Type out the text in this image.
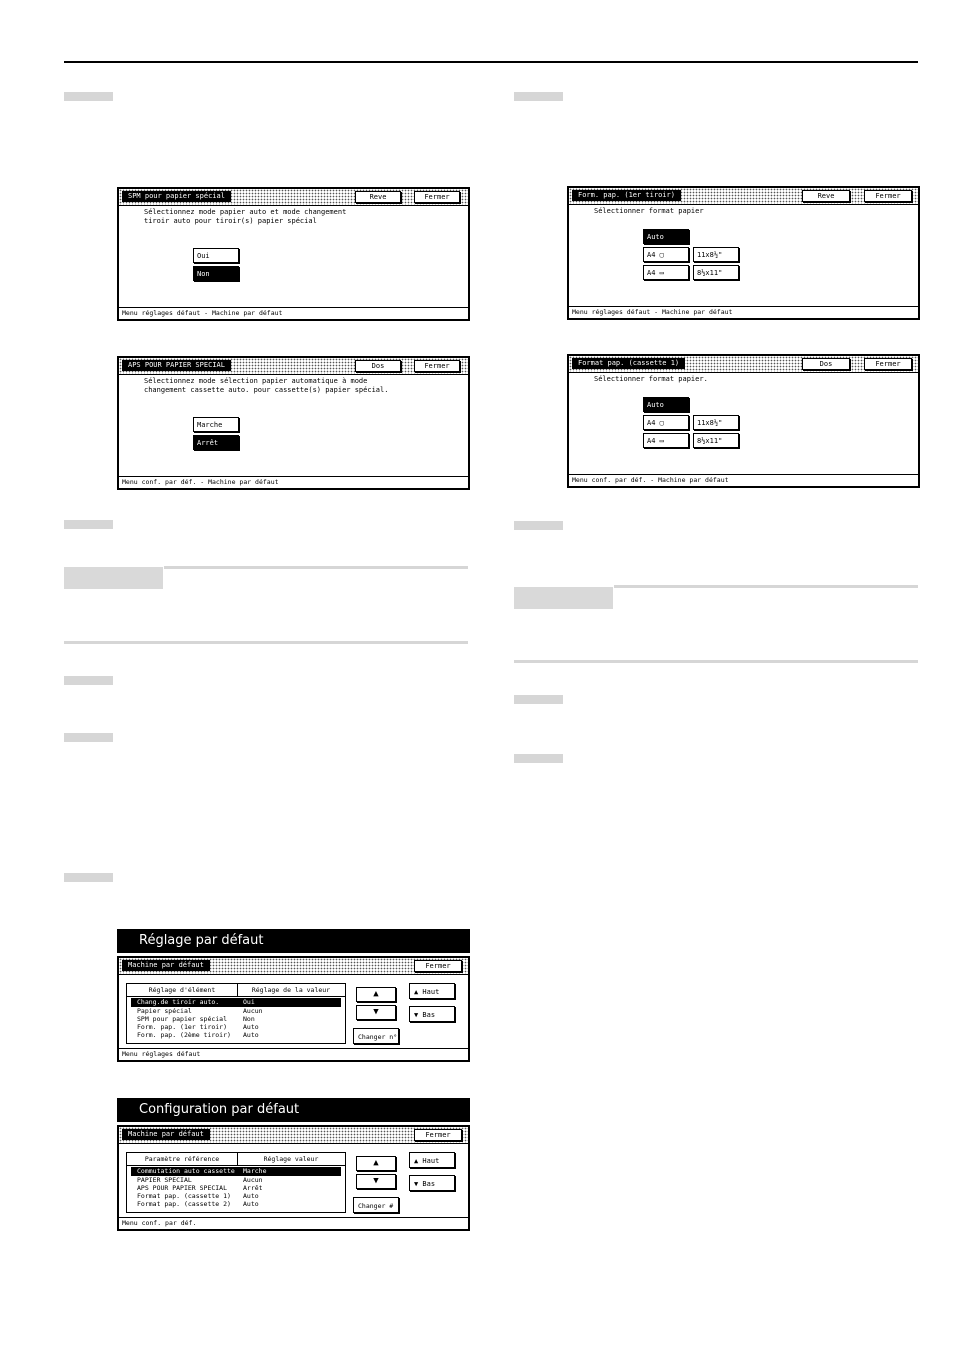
SPM pour papier spécial	Reve	Fermer
Sélectionnez mode papier auto et mode changement
tiroir auto pour tiroir(s) papier spécial
Oui
Non
Menu réglages défaut - Machine par défaut
APS POUR PAPIER SPECIAL	Dos	Fermer
Sélectionnez mode sélection papier automatique à mode
changement cassette auto. pour cassette(s) papier spécial.
Marche
Arrêt
Menu conf. par déf. - Machine par défaut
Form. pap. (1er tiroir)	Reve	Fermer
Sélectionner format papier
Auto
A4 ▢
A4 ▭
11x8½"
8½x11"
Menu réglages défaut - Machine par défaut
Format pap. (cassette 1)	Dos	Fermer
Sélectionner format papier.
Auto
A4 ▢
A4 ▭
11x8½"
8½x11"
Menu conf. par déf. - Machine par défaut
Réglage par défaut
Machine par défaut	Fermer
Réglage d'élément	Réglage de la valeur
Chang.de tiroir auto.	Oui
Papier spécial	Aucun
SPM pour papier spécial Non
Form. pap. (1er tiroir) Auto
Form. pap. (2ème tiroir) Auto
▲
▼
▲ Haut
▼ Bas
Changer n°
Menu réglages défaut
Configuration par défaut
Machine par défaut	Fermer
Paramètre référence	Réglage valeur
Commutation auto cassette Marche
PAPIER SPECIAL	Aucun
APS POUR PAPIER SPECIAL Arrêt
Format pap. (cassette 1) Auto
Format pap. (cassette 2) Auto
▲
▼
▲ Haut
▼ Bas
Changer #
Menu conf. par déf.
